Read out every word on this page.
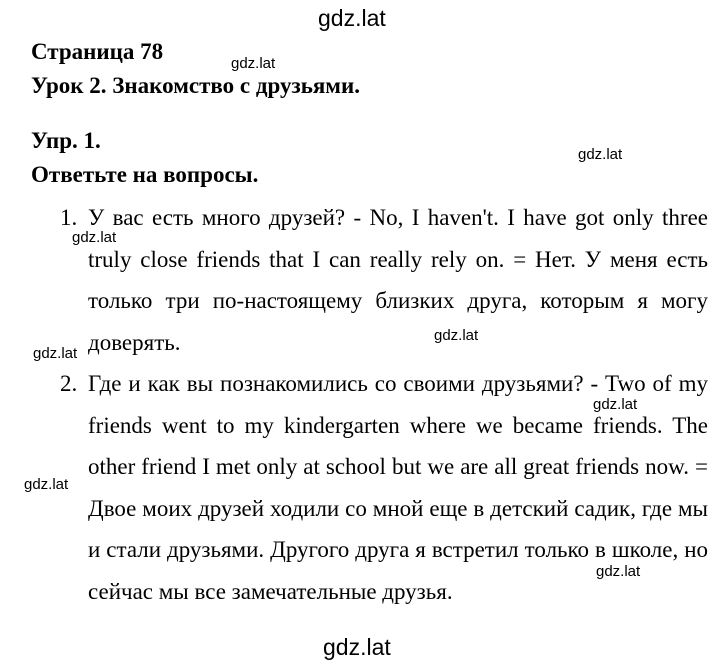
gdz.lat
Страница 78	gdz.lat
Урок 2. Знакомство с друзьями.
Упр. 1.
gdz.lat
Ответьте на вопросы.
1. У вас есть много друзей? - No, I haven't. I have got only three truly close friends that I can really rely on. = Нет. У меня есть только три по-настоящему близких друга, которым я могу доверять.
2. Где и как вы познакомились со своими друзьями? - Two of my friends went to my kindergarten where we became friends. The other friend I met only at school but we are all great friends now. = Двое моих друзей ходили со мной еще в детский садик, где мы и стали друзьями. Другого друга я встретил только в школе, но сейчас мы все замечательные друзья.
gdz.lat
gdz.lat
gdz.lat
gdz.lat
gdz.lat
gdz.lat
gdz.lat
